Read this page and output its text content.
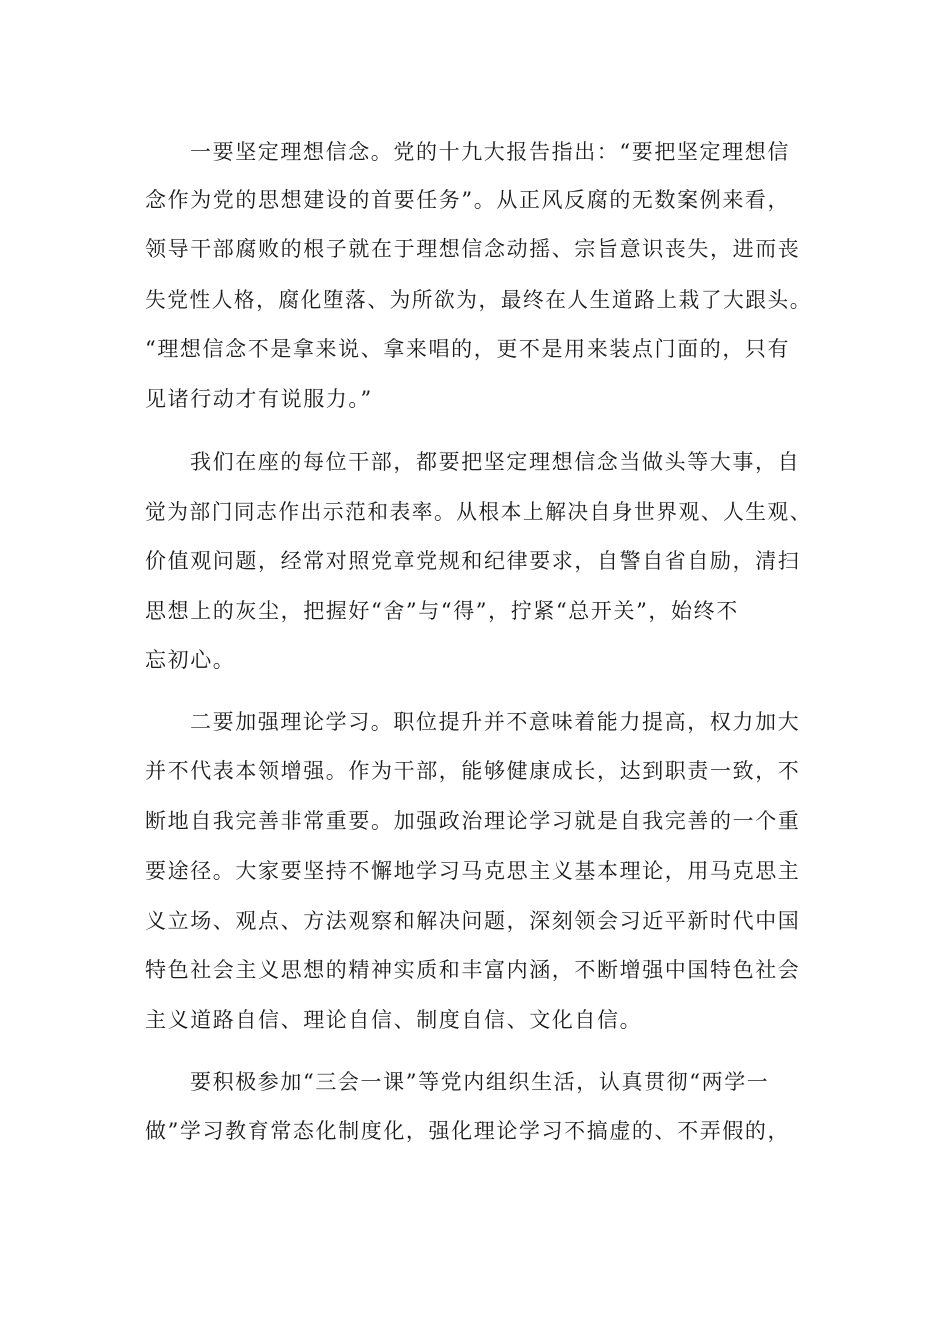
一要坚定理想信念。党的十九大报告指出：“要把坚定理想信
念作为党的思想建设的首要任务”。从正风反腐的无数案例来看，
领导干部腐败的根子就在于理想信念动摇、宗旨意识丧失，进而丧
失党性人格，腐化堕落、为所欲为，最终在人生道路上栽了大跟头。
“理想信念不是拿来说、拿来唱的，更不是用来装点门面的，只有
见诸行动才有说服力。”
我们在座的每位干部，都要把坚定理想信念当做头等大事，自
觉为部门同志作出示范和表率。从根本上解决自身世界观、人生观、
价值观问题，经常对照党章党规和纪律要求，自警自省自励，清扫
思想上的灰尘，把握好“舍”与“得”，拧紧“总开关”，始终不
忘初心。
二要加强理论学习。职位提升并不意味着能力提高，权力加大
并不代表本领增强。作为干部，能够健康成长，达到职责一致，不
断地自我完善非常重要。加强政治理论学习就是自我完善的一个重
要途径。大家要坚持不懈地学习马克思主义基本理论，用马克思主
义立场、观点、方法观察和解决问题，深刻领会习近平新时代中国
特色社会主义思想的精神实质和丰富内涵，不断增强中国特色社会
主义道路自信、理论自信、制度自信、文化自信。
要积极参加“三会一课”等党内组织生活，认真贯彻“两学一
做”学习教育常态化制度化，强化理论学习不搞虚的、不弄假的，
